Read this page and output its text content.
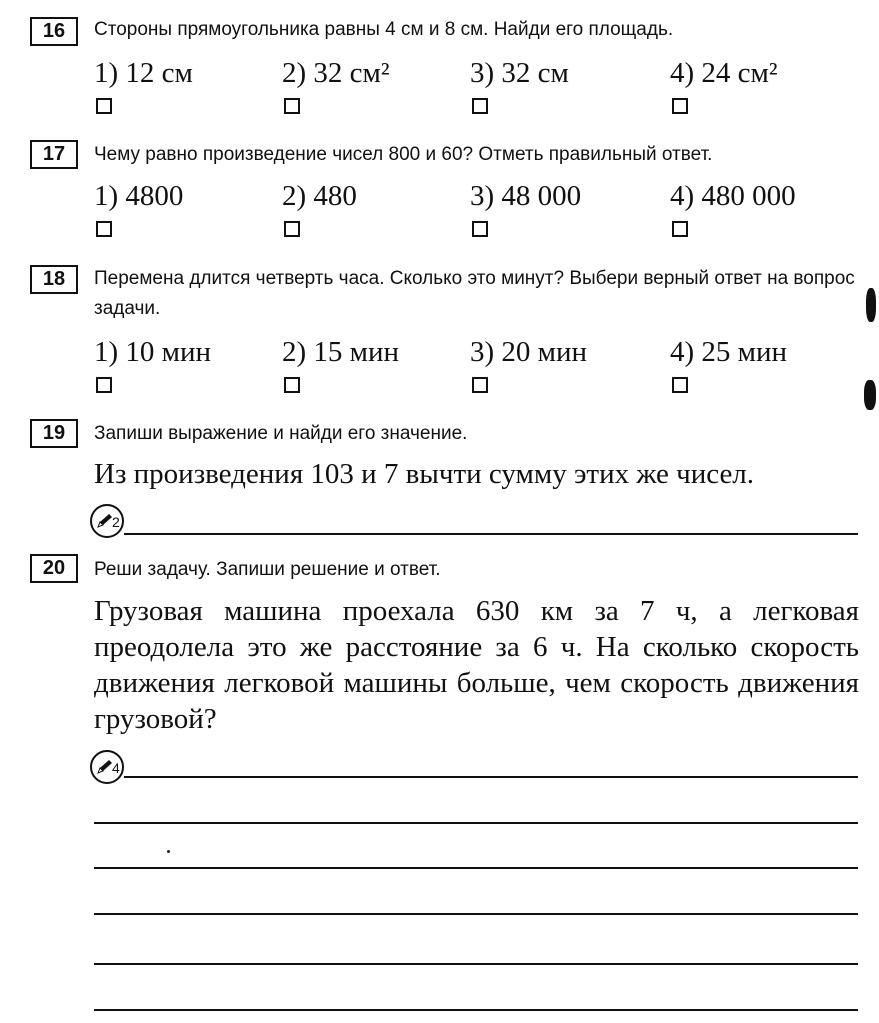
16	Стороны прямоугольника равны 4 см и 8 см. Найди его площадь.
1) 12 см	2) 32 см²	3) 32 см	4) 24 см²
17	Чему равно произведение чисел 800 и 60? Отметь правильный ответ.
1) 4800	2) 480	3) 48 000	4) 480 000
18	Перемена длится четверть часа. Сколько это минут? Выбери верный ответ на вопрос задачи.
1) 10 мин	2) 15 мин	3) 20 мин	4) 25 мин
19	Запиши выражение и найди его значение.
Из произведения 103 и 7 вычти сумму этих же чисел.
2
20	Реши задачу. Запиши решение и ответ.
Грузовая машина проехала 630 км за 7 ч, а легковая преодолела это же расстояние за 6 ч. На сколько скорость движения легковой машины больше, чем скорость движения грузовой?
4
